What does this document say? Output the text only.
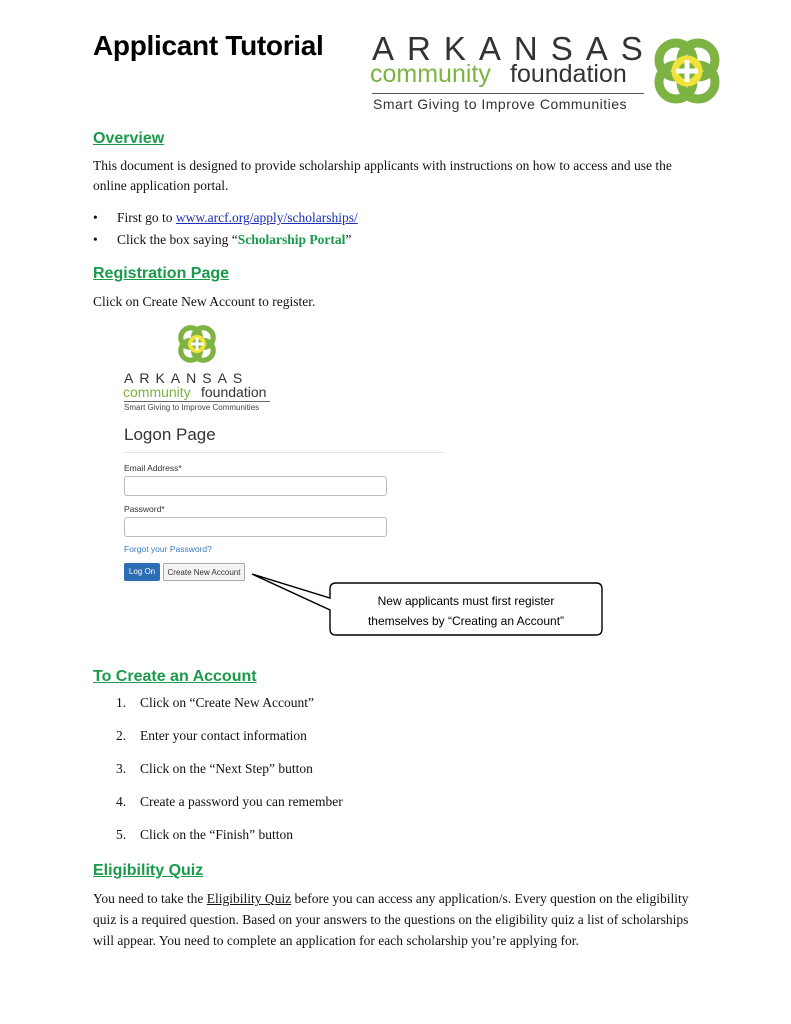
Applicant Tutorial ARKANSAS
community foundation
Smart Giving to Improve Communities
Overview
This document is designed to provide scholarship applicants with instructions on how to access and use the online application portal.
• First go to www.arcf.org/apply/scholarships/
• Click the box saying “Scholarship Portal”
Registration Page
Click on Create New Account to register.
ARKANSAS
community foundation
Smart Giving to Improve Communities
Logon Page
Email Address*
Password*
Forgot your Password?
Log On	Create New Account
New applicants must first register
themselves by “Creating an Account”
To Create an Account
1. Click on “Create New Account”
2. Enter your contact information
3. Click on the “Next Step” button
4. Create a password you can remember
5. Click on the “Finish” button
Eligibility Quiz
You need to take the Eligibility Quiz before you can access any application/s. Every question on the eligibility quiz is a required question. Based on your answers to the questions on the eligibility quiz a list of scholarships will appear. You need to complete an application for each scholarship you’re applying for.
